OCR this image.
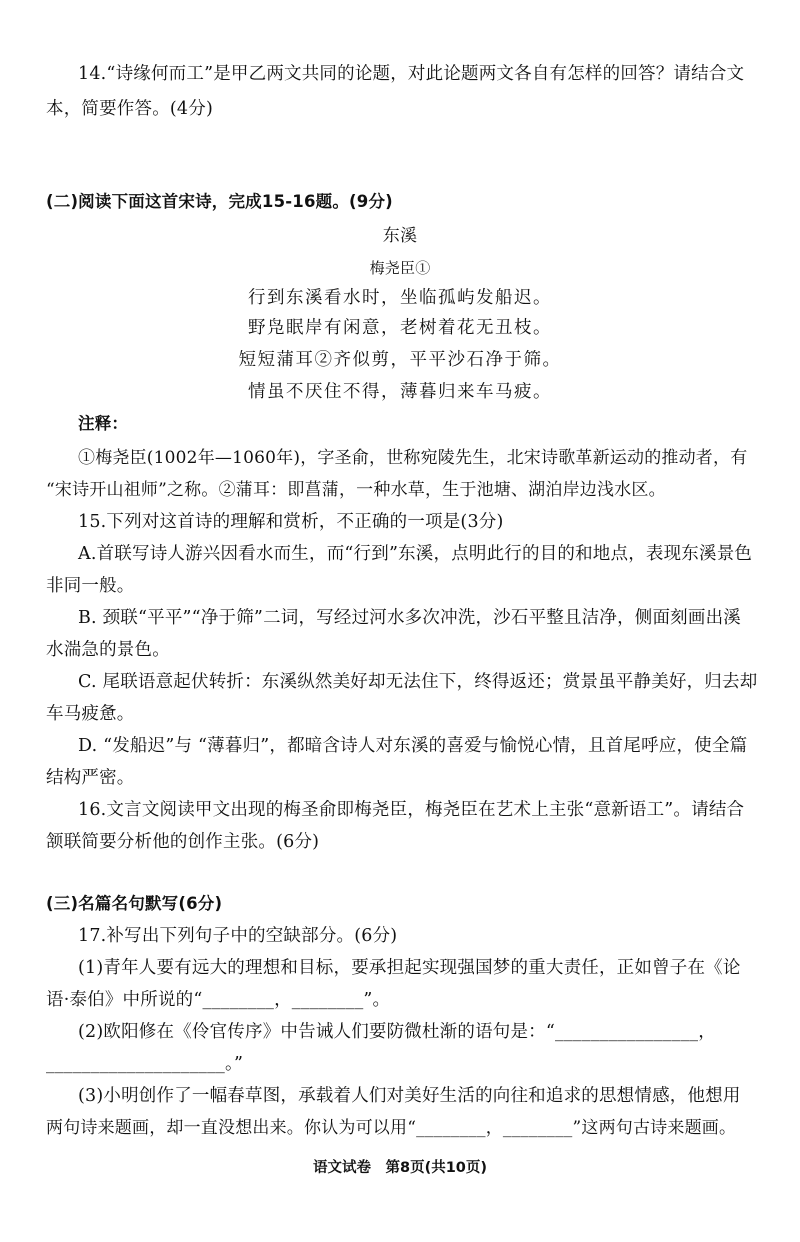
14.“诗缘何而工”是甲乙两文共同的论题，对此论题两文各自有怎样的回答？请结合文
本，简要作答。(4分)
(二)阅读下面这首宋诗，完成15-16题。(9分)
东溪
梅尧臣①
行到东溪看水时，坐临孤屿发船迟。
野凫眠岸有闲意，老树着花无丑枝。
短短蒲耳②齐似剪，平平沙石净于筛。
情虽不厌住不得，薄暮归来车马疲。
注释：
①梅尧臣(1002年—1060年)，字圣俞，世称宛陵先生，北宋诗歌革新运动的推动者，有
“宋诗开山祖师”之称。②蒲耳：即菖蒲，一种水草，生于池塘、湖泊岸边浅水区。
15.下列对这首诗的理解和赏析，不正确的一项是(3分)
A.首联写诗人游兴因看水而生，而“行到”东溪，点明此行的目的和地点，表现东溪景色
非同一般。
B. 颈联“平平”“净于筛”二词，写经过河水多次冲洗，沙石平整且洁净，侧面刻画出溪
水湍急的景色。
C. 尾联语意起伏转折：东溪纵然美好却无法住下，终得返还；赏景虽平静美好，归去却
车马疲惫。
D. “发船迟”与 “薄暮归”，都暗含诗人对东溪的喜爱与愉悦心情，且首尾呼应，使全篇
结构严密。
16.文言文阅读甲文出现的梅圣俞即梅尧臣，梅尧臣在艺术上主张“意新语工”。请结合
颔联简要分析他的创作主张。(6分)
(三)名篇名句默写(6分)
17.补写出下列句子中的空缺部分。(6分)
(1)青年人要有远大的理想和目标，要承担起实现强国梦的重大责任，正如曾子在《论
语·泰伯》中所说的“________，________”。
(2)欧阳修在《伶官传序》中告诫人们要防微杜渐的语句是：“________________，
____________________。”
(3)小明创作了一幅春草图，承载着人们对美好生活的向往和追求的思想情感，他想用
两句诗来题画，却一直没想出来。你认为可以用“________，________”这两句古诗来题画。
语文试卷　第8页(共10页)
